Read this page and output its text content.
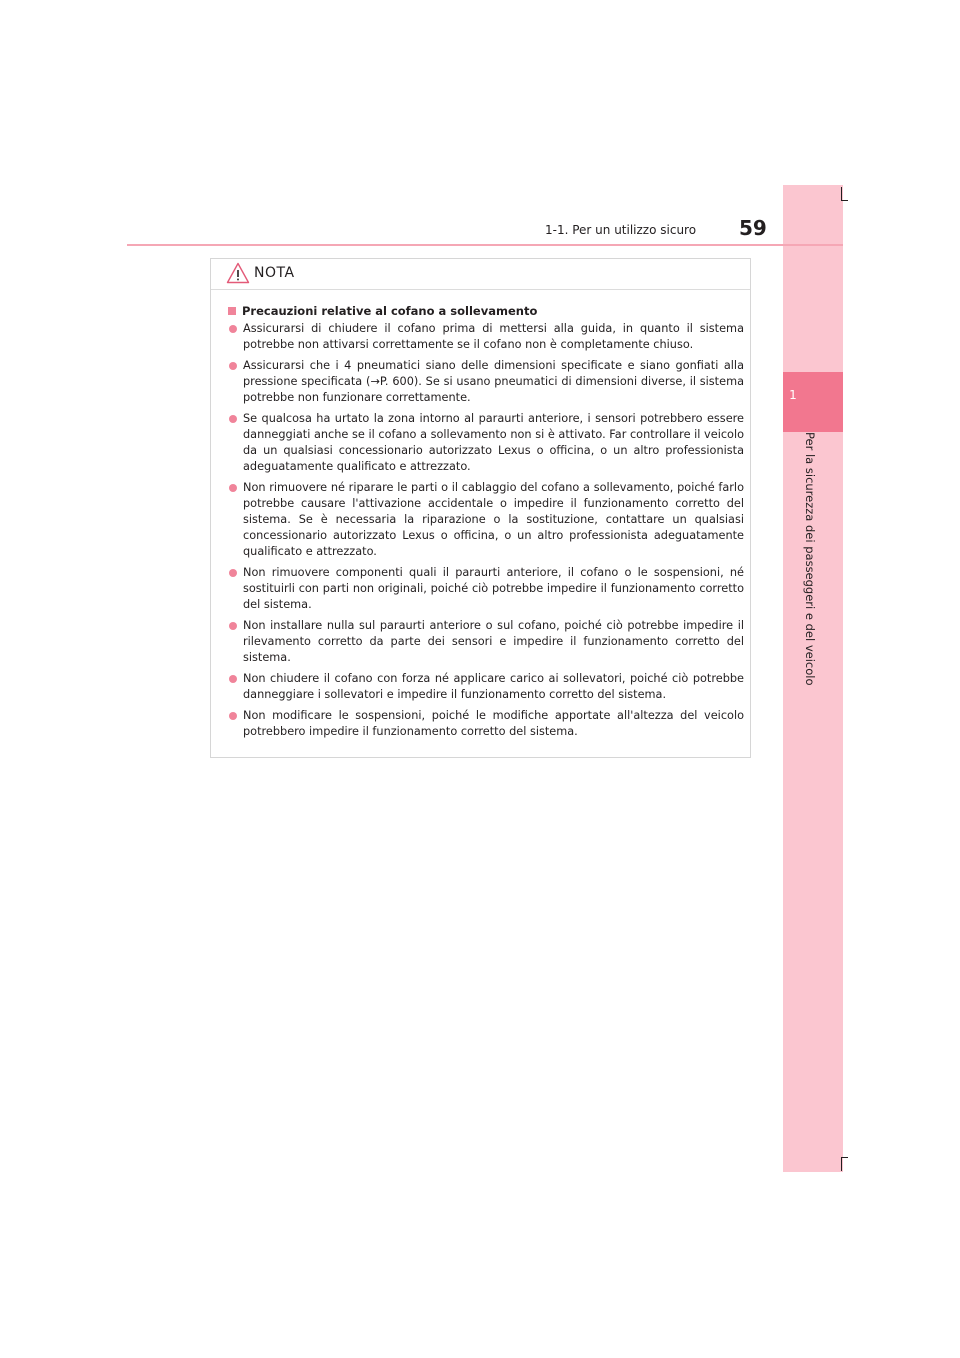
1
Per la sicurezza dei passeggeri e del veicolo
1-1. Per un utilizzo sicuro 59
NOTA
Precauzioni relative al cofano a sollevamento
Assicurarsi di chiudere il cofano prima di mettersi alla guida, in quanto il sistema potrebbe non attivarsi correttamente se il cofano non è completamente chiuso.
Assicurarsi che i 4 pneumatici siano delle dimensioni specificate e siano gonfiati alla pressione specificata (→P. 600). Se si usano pneumatici di dimensioni diverse, il sistema potrebbe non funzionare correttamente.
Se qualcosa ha urtato la zona intorno al paraurti anteriore, i sensori potrebbero essere danneggiati anche se il cofano a sollevamento non si è attivato. Far controllare il veicolo da un qualsiasi concessionario autorizzato Lexus o officina, o un altro professionista adeguatamente qualificato e attrezzato.
Non rimuovere né riparare le parti o il cablaggio del cofano a sollevamento, poiché farlo potrebbe causare l'attivazione accidentale o impedire il funzionamento corretto del sistema. Se è necessaria la riparazione o la sostituzione, contattare un qualsiasi concessionario autorizzato Lexus o officina, o un altro professionista adeguatamente qualificato e attrezzato.
Non rimuovere componenti quali il paraurti anteriore, il cofano o le sospensioni, né sostituirli con parti non originali, poiché ciò potrebbe impedire il funzionamento corretto del sistema.
Non installare nulla sul paraurti anteriore o sul cofano, poiché ciò potrebbe impedire il rilevamento corretto da parte dei sensori e impedire il funzionamento corretto del sistema.
Non chiudere il cofano con forza né applicare carico ai sollevatori, poiché ciò potrebbe danneggiare i sollevatori e impedire il funzionamento corretto del sistema.
Non modificare le sospensioni, poiché le modifiche apportate all'altezza del veicolo potrebbero impedire il funzionamento corretto del sistema.
